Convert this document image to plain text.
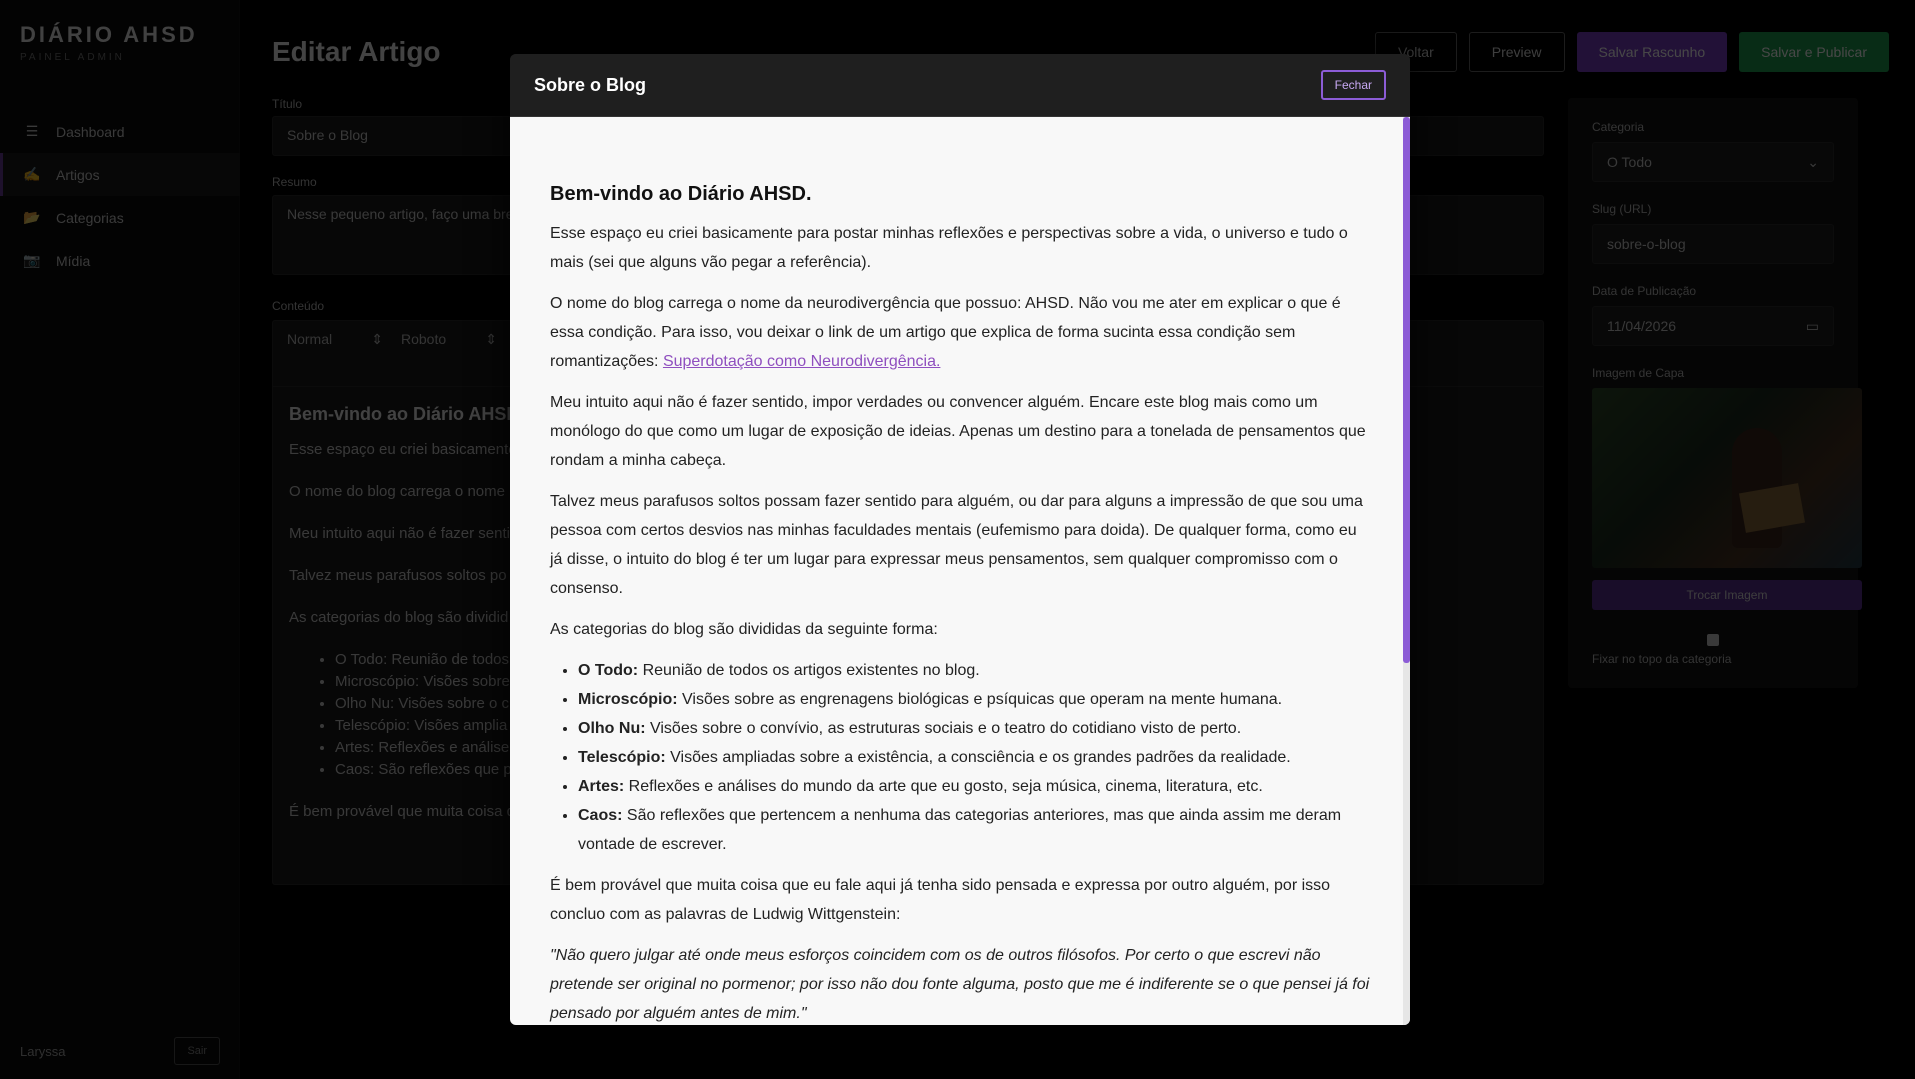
•
•
•
•
•
•

Sobre o Blog	Fechar
Bem-vindo ao Diário AHSD.

Esse espaço eu criei basicamente para postar minhas reflexões e perspectivas sobre a vida, o universo e tudo o mais (sei que alguns vão pegar a referência).

O nome do blog carrega o nome da neurodivergência que possuo: AHSD. Não vou me ater em explicar o que é essa condição. Para isso, vou deixar o link de um artigo que explica de forma sucinta essa condição sem romantizações: Superdotação como Neurodivergência.

Meu intuito aqui não é fazer sentido, impor verdades ou convencer alguém. Encare este blog mais como um monólogo do que como um lugar de exposição de ideias. Apenas um destino para a tonelada de pensamentos que rondam a minha cabeça.

Talvez meus parafusos soltos possam fazer sentido para alguém, ou dar para alguns a impressão de que sou uma pessoa com certos desvios nas minhas faculdades mentais (eufemismo para doida). De qualquer forma, como eu já disse, o intuito do blog é ter um lugar para expressar meus pensamentos, sem qualquer compromisso com o consenso.

As categorias do blog são divididas da seguinte forma:

• O Todo: Reunião de todos os artigos existentes no blog.
• Microscópio: Visões sobre as engrenagens biológicas e psíquicas que operam na mente humana.
• Olho Nu: Visões sobre o convívio, as estruturas sociais e o teatro do cotidiano visto de perto.
• Telescópio: Visões ampliadas sobre a existência, a consciência e os grandes padrões da realidade.
• Artes: Reflexões e análises do mundo da arte que eu gosto, seja música, cinema, literatura, etc.
• Caos: São reflexões que pertencem a nenhuma das categorias anteriores, mas que ainda assim me deram vontade de escrever.

É bem provável que muita coisa que eu fale aqui já tenha sido pensada e expressa por outro alguém, por isso concluo com as palavras de Ludwig Wittgenstein:

"Não quero julgar até onde meus esforços coincidem com os de outros filósofos. Por certo o que escrevi não pretende ser original no pormenor; por isso não dou fonte alguma, posto que me é indiferente se o que pensei já foi pensado por alguém antes de mim."
